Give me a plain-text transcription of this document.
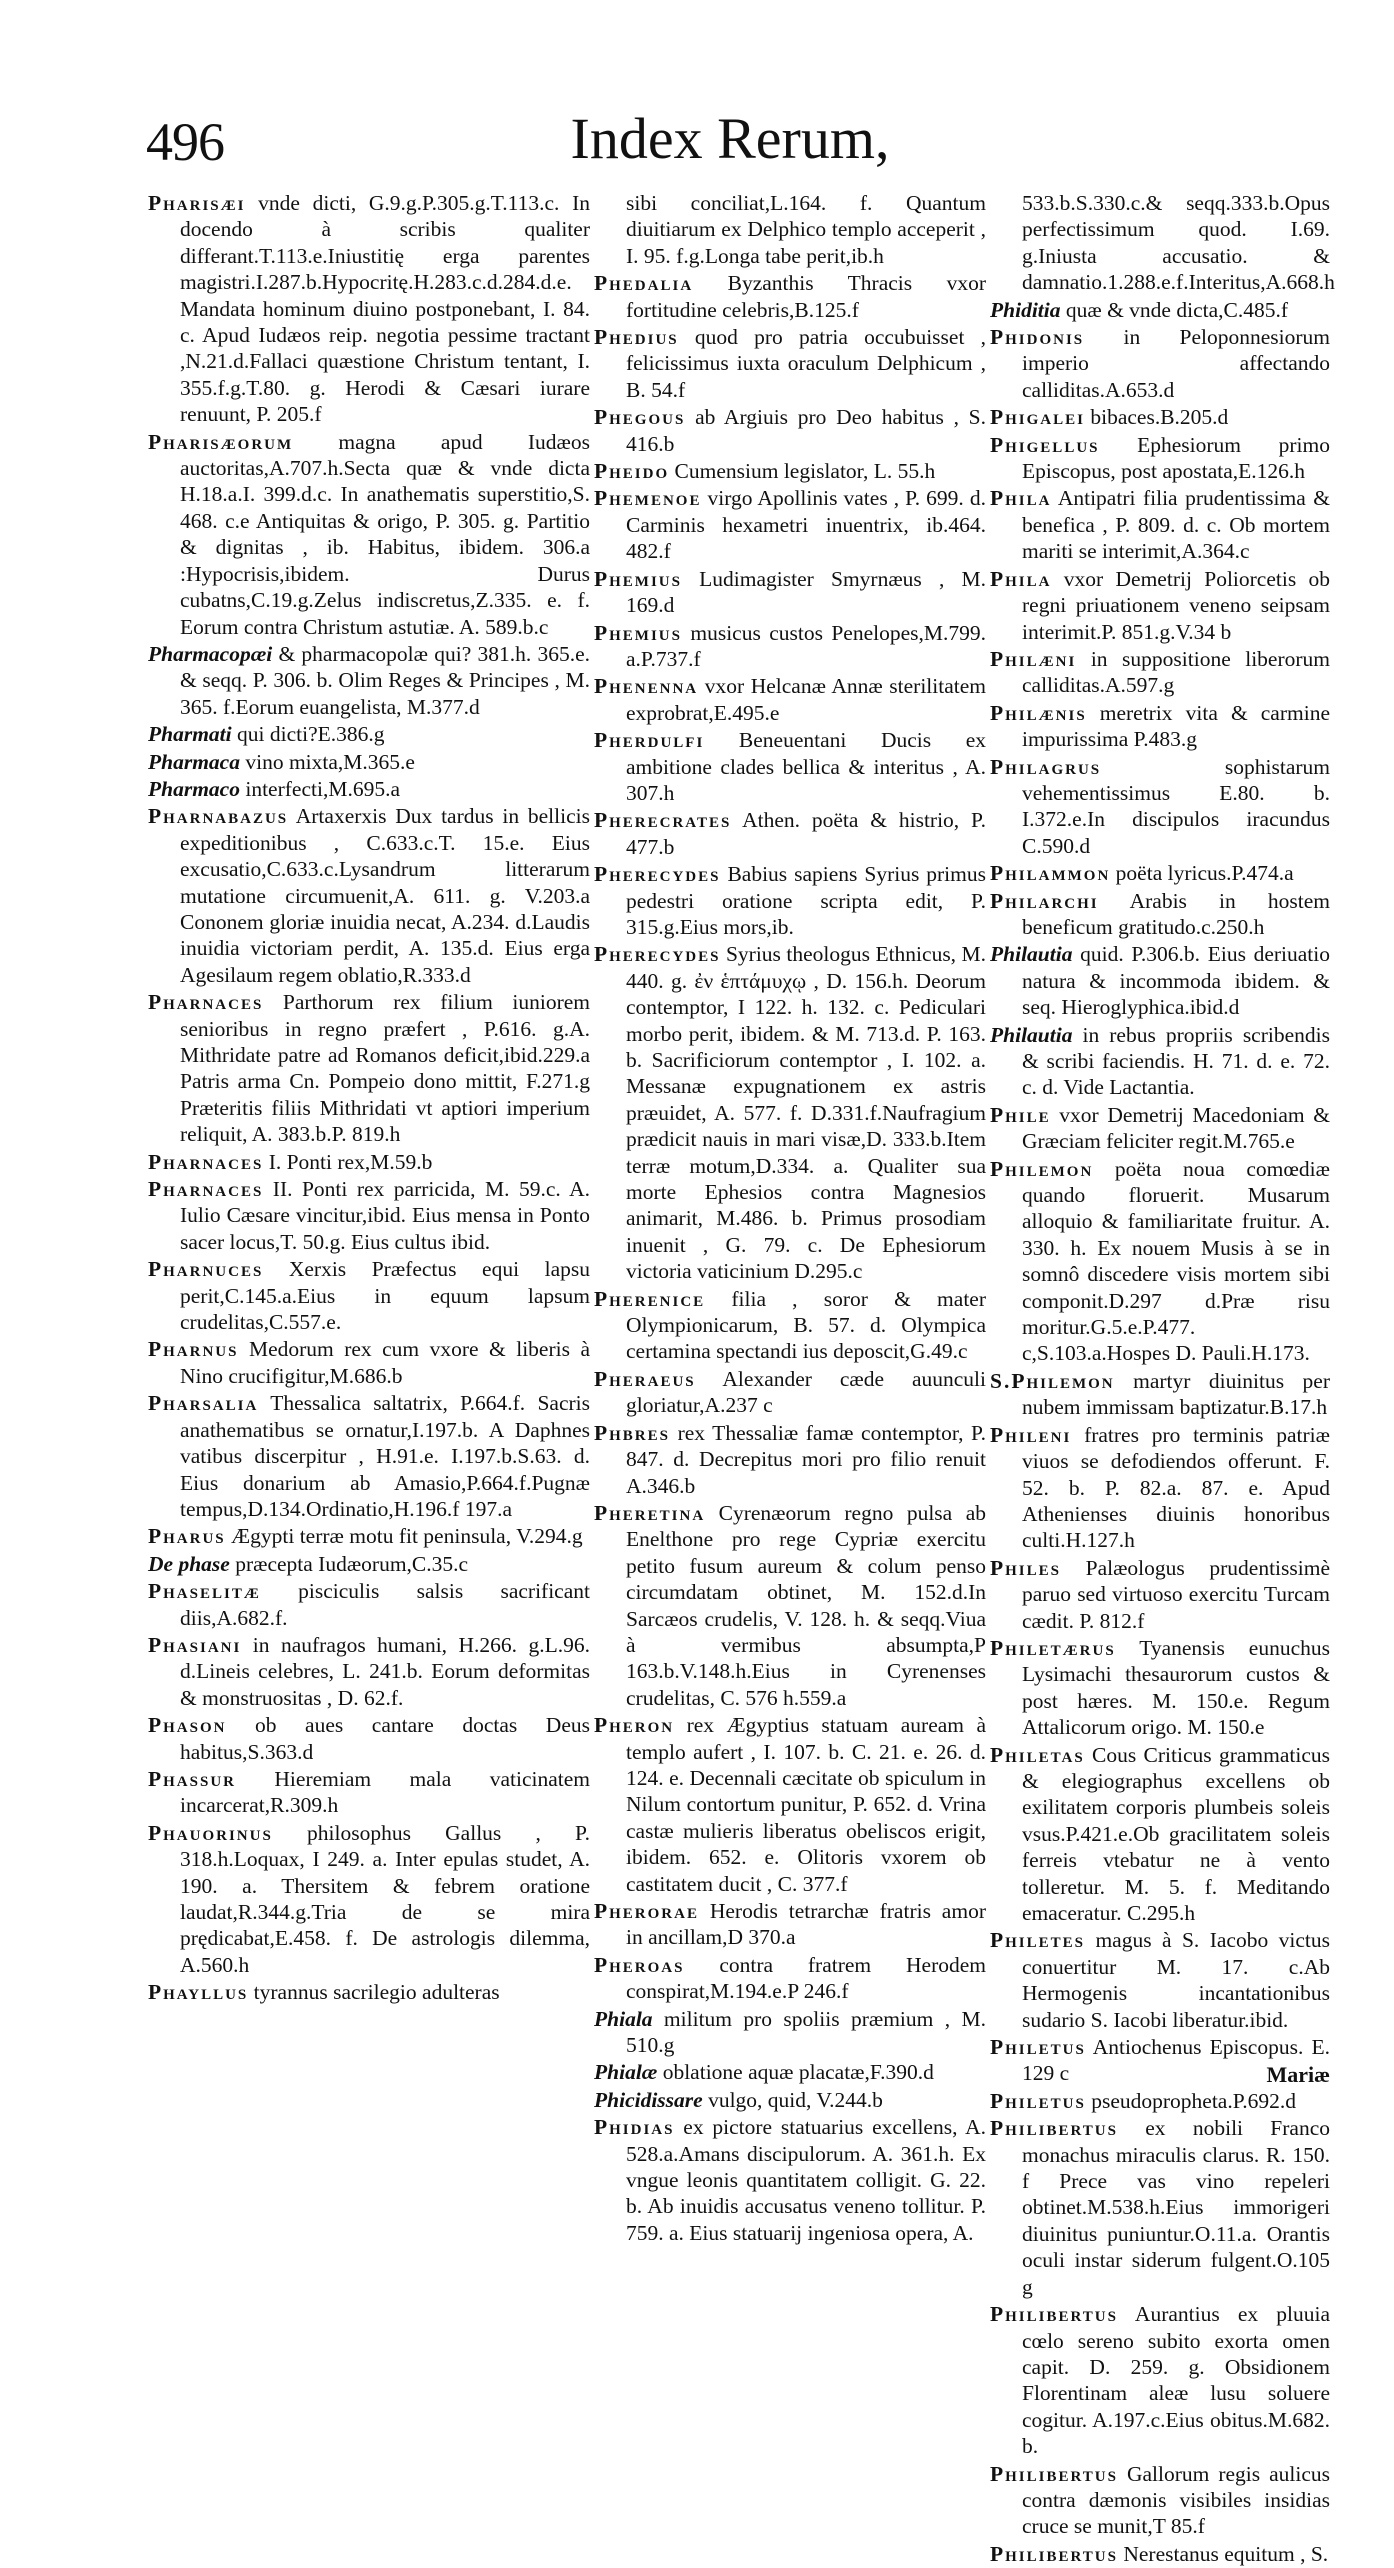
496	Index Rerum,

Pharisæi vnde dicti, G.9.g.P.305.g.T.113.c. In docendo à scribis qualiter differant.T.113.e.Iniustitię erga parentes magistri.I.287.b.Hypocritę.H.283.c.d.284.d.e. Mandata hominum diuino postponebant, I. 84. c. Apud Iudæos reip. negotia pessime tractant ,N.21.d.Fallaci quæstione Christum tentant, I. 355.f.g.T.80. g. Herodi & Cæsari iurare renuunt, P. 205.f

Pharisæorum magna apud Iudæos auctoritas,A.707.h.Secta quæ & vnde dicta H.18.a.I. 399.d.c. In anathematis superstitio,S. 468. c.e Antiquitas & origo, P. 305. g. Partitio & dignitas , ib. Habitus, ibidem. 306.a :Hypocrisis,ibidem. Durus cubatns,C.19.g.Zelus indiscretus,Z.335. e. f. Eorum contra Christum astutiæ. A. 589.b.c

Pharmacopæi & pharmacopolæ qui? 381.h. 365.e. & seqq. P. 306. b. Olim Reges & Principes , M. 365. f.Eorum euangelista, M.377.d

Pharmati qui dicti?E.386.g

Pharmaca vino mixta,M.365.e

Pharmaco interfecti,M.695.a

Pharnabazus Artaxerxis Dux tardus in bellicis expeditionibus , C.633.c.T. 15.e. Eius excusatio,C.633.c.Lysandrum litterarum mutatione circumuenit,A. 611. g. V.203.a Cononem gloriæ inuidia necat, A.234. d.Laudis inuidia victoriam perdit, A. 135.d. Eius erga Agesilaum regem oblatio,R.333.d

Pharnaces Parthorum rex filium iuniorem senioribus in regno præfert , P.616. g.A. Mithridate patre ad Romanos deficit,ibid.229.a Patris arma Cn. Pompeio dono mittit, F.271.g Præteritis filiis Mithridati vt aptiori imperium reliquit, A. 383.b.P. 819.h

Pharnaces I. Ponti rex,M.59.b

Pharnaces II. Ponti rex parricida, M. 59.c. A. Iulio Cæsare vincitur,ibid. Eius mensa in Ponto sacer locus,T. 50.g. Eius cultus ibid.

Pharnuces Xerxis Præfectus equi lapsu perit,C.145.a.Eius in equum lapsum crudelitas,C.557.e.

Pharnus Medorum rex cum vxore & liberis à Nino crucifigitur,M.686.b

Pharsalia Thessalica saltatrix, P.664.f. Sacris anathematibus se ornatur,I.197.b. A Daphnes vatibus discerpitur , H.91.e. I.197.b.S.63. d. Eius donarium ab Amasio,P.664.f.Pugnæ tempus,D.134.Ordinatio,H.196.f 197.a

Pharus Ægypti terræ motu fit peninsula, V.294.g

De phase præcepta Iudæorum,C.35.c

Phaselitæ pisciculis salsis sacrificant diis,A.682.f.

Phasiani in naufragos humani, H.266. g.L.96. d.Lineis celebres, L. 241.b. Eorum deformitas & monstruositas , D. 62.f.

Phason ob aues cantare doctas Deus habitus,S.363.d

Phassur Hieremiam mala vaticinatem incarcerat,R.309.h

Phauorinus philosophus Gallus , P. 318.h.Loquax, I 249. a. Inter epulas studet, A. 190. a. Thersitem & febrem oratione laudat,R.344.g.Tria de se mira prędicabat,E.458. f. De astrologis dilemma, A.560.h

Phayllus tyrannus sacrilegio adulteras

sibi conciliat,L.164. f. Quantum diuitiarum ex Delphico templo acceperit , I. 95. f.g.Longa tabe perit,ib.h

Phedalia Byzanthis Thracis vxor fortitudine celebris,B.125.f

Phedius quod pro patria occubuisset , felicissimus iuxta oraculum Delphicum , B. 54.f

Phegous ab Argiuis pro Deo habitus , S. 416.b

Pheido Cumensium legislator, L. 55.h

Phemenoe virgo Apollinis vates , P. 699. d. Carminis hexametri inuentrix, ib.464. 482.f

Phemius Ludimagister Smyrnæus , M. 169.d

Phemius musicus custos Penelopes,M.799. a.P.737.f

Phenenna vxor Helcanæ Annæ sterilitatem exprobrat,E.495.e

Pherdulfi Beneuentani Ducis ex ambitione clades bellica & interitus , A. 307.h

Pherecrates Athen. poëta & histrio, P. 477.b

Pherecydes Babius sapiens Syrius primus pedestri oratione scripta edit, P. 315.g.Eius mors,ib.

Pherecydes Syrius theologus Ethnicus, M. 440. g. ἐν ἑπτάμυχῳ , D. 156.h. Deorum contemptor, I 122. h. 132. c. Pediculari morbo perit, ibidem. & M. 713.d. P. 163. b. Sacrificiorum contemptor , I. 102. a. Messanæ expugnationem ex astris præuidet, A. 577. f. D.331.f.Naufragium prædicit nauis in mari visæ,D. 333.b.Item terræ motum,D.334. a. Qualiter sua morte Ephesios contra Magnesios animarit, M.486. b. Primus prosodiam inuenit , G. 79. c. De Ephesiorum victoria vaticinium D.295.c

Pherenice filia , soror & mater Olympionicarum, B. 57. d. Olympica certamina spectandi ius deposcit,G.49.c

Pheraeus Alexander cæde auunculi gloriatur,A.237 c

Phbres rex Thessaliæ famæ contemptor, P. 847. d. Decrepitus mori pro filio renuit A.346.b

Pheretina Cyrenæorum regno pulsa ab Enelthone pro rege Cypriæ exercitu petito fusum aureum & colum penso circumdatam obtinet, M. 152.d.In Sarcæos crudelis, V. 128. h. & seqq.Viua à vermibus absumpta,P 163.b.V.148.h.Eius in Cyrenenses crudelitas, C. 576 h.559.a

Pheron rex Ægyptius statuam auream à templo aufert , I. 107. b. C. 21. e. 26. d. 124. e. Decennali cæcitate ob spiculum in Nilum contortum punitur, P. 652. d. Vrina castæ mulieris liberatus obeliscos erigit, ibidem. 652. e. Olitoris vxorem ob castitatem ducit , C. 377.f

Pherorae Herodis tetrarchæ fratris amor in ancillam,D 370.a

Pheroas contra fratrem Herodem conspirat,M.194.e.P 246.f

Phiala militum pro spoliis præmium , M. 510.g

Phialæ oblatione aquæ placatæ,F.390.d

Phicidissare vulgo, quid, V.244.b

Phidias ex pictore statuarius excellens, A. 528.a.Amans discipulorum. A. 361.h. Ex vngue leonis quantitatem colligit. G. 22. b. Ab inuidis accusatus veneno tollitur. P. 759. a. Eius statuarij ingeniosa opera, A.

533.b.S.330.c.& seqq.333.b.Opus perfectissimum quod. I.69. g.Iniusta accusatio. & damnatio.1.288.e.f.Interitus,A.668.h

Phiditia quæ & vnde dicta,C.485.f

Phidonis in Peloponnesiorum imperio affectando calliditas.A.653.d

Phigalei bibaces.B.205.d

Phigellus Ephesiorum primo Episcopus, post apostata,E.126.h

Phila Antipatri filia prudentissima & benefica , P. 809. d. c. Ob mortem mariti se interimit,A.364.c

Phila vxor Demetrij Poliorcetis ob regni priuationem veneno seipsam interimit.P. 851.g.V.34 b

Philæni in suppositione liberorum calliditas.A.597.g

Philænis meretrix vita & carmine impurissima P.483.g

Philagrus	sophistarum vehementissimus E.80. b. I.372.e.In discipulos iracundus C.590.d

Philammon poëta lyricus.P.474.a

Philarchi Arabis in hostem beneficum gratitudo.c.250.h

Philautia quid. P.306.b. Eius deriuatio natura & incommoda ibidem. & seq. Hieroglyphica.ibid.d

Philautia in rebus propriis scribendis & scribi faciendis. H. 71. d. e. 72. c. d. Vide Lactantia.

Phile vxor Demetrij Macedoniam & Græciam feliciter regit.M.765.e

Philemon poëta noua comœdiæ quando floruerit. Musarum alloquio & familiaritate fruitur. A. 330. h. Ex nouem Musis à se in somnô discedere visis mortem sibi componit.D.297 d.Præ risu moritur.G.5.e.P.477. c,S.103.a.Hospes D. Pauli.H.173.

S.Philemon martyr diuinitus per nubem immissam baptizatur.B.17.h

Phileni fratres pro terminis patriæ viuos se defodiendos offerunt. F. 52. b. P. 82.a. 87. e. Apud Athenienses diuinis honoribus culti.H.127.h

Philes Palæologus prudentissimè paruo sed virtuoso exercitu Turcam cædit. P. 812.f

Philetærus Tyanensis eunuchus Lysimachi thesaurorum custos & post hæres. M. 150.e. Regum Attalicorum origo. M. 150.e

Philetas Cous Criticus grammaticus & elegiographus excellens ob exilitatem corporis plumbeis soleis vsus.P.421.e.Ob gracilitatem soleis ferreis vtebatur ne à vento tolleretur. M. 5. f. Meditando emaceratur. C.295.h

Philetes magus à S. Iacobo victus conuertitur M. 17. c.Ab Hermogenis incantationibus sudario S. Iacobi liberatur.ibid.

Philetus Antiochenus Episcopus. E. 129 c

Philetus pseudopropheta.P.692.d

Philibertus ex nobili Franco monachus miraculis clarus. R. 150. f Prece vas vino repeleri obtinet.M.538.h.Eius immorigeri diuinitus puniuntur.O.11.a. Orantis oculi instar siderum fulgent.O.105 g

Philibertus Aurantius ex pluuia cœlo sereno subito exorta omen capit. D. 259. g. Obsidionem Florentinam aleæ lusu soluere cogitur. A.197.c.Eius obitus.M.682. b.

Philibertus Gallorum regis aulicus contra dæmonis visibiles insidias cruce se munit,T 85.f

Philibertus Nerestanus equitum , S.

Mariæ
